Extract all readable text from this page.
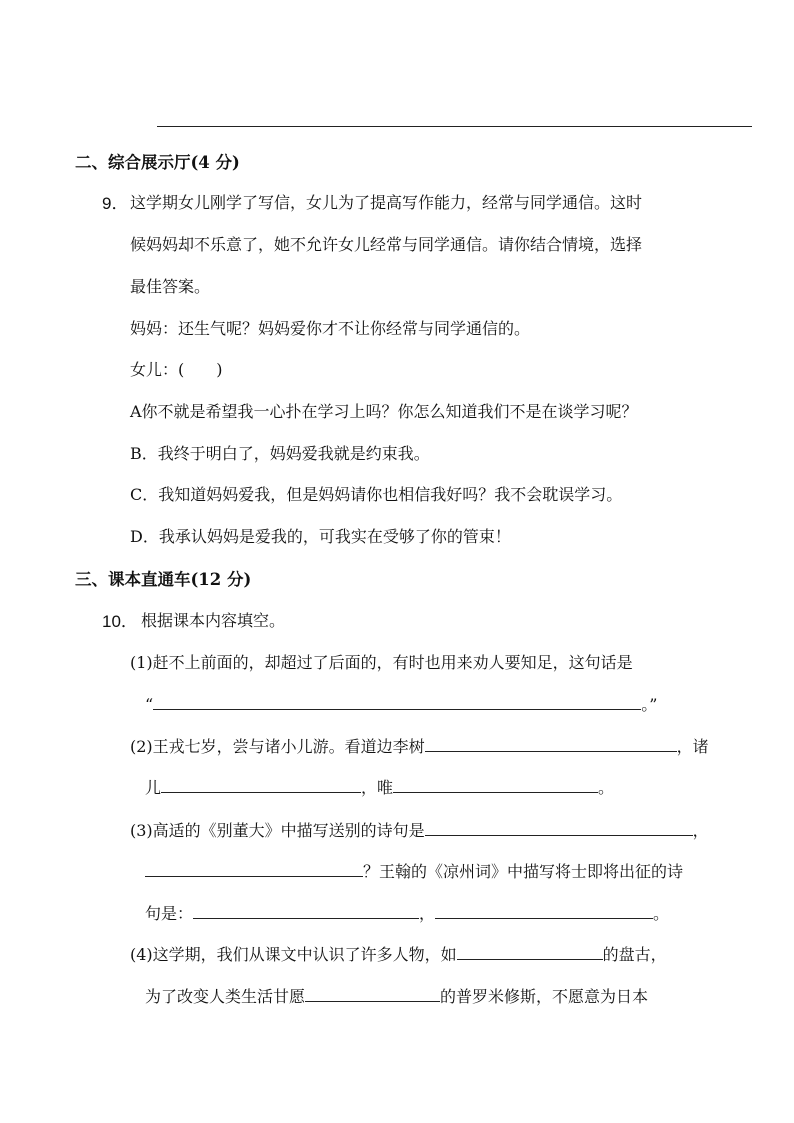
二、综合展示厅(4 分)
9． 这学期女儿刚学了写信，女儿为了提高写作能力，经常与同学通信。这时
候妈妈却不乐意了，她不允许女儿经常与同学通信。请你结合情境，选择
最佳答案。
妈妈：还生气呢？妈妈爱你才不让你经常与同学通信的。
女儿：(　　)
A你不就是希望我一心扑在学习上吗？你怎么知道我们不是在谈学习呢？
B．我终于明白了，妈妈爱我就是约束我。
C．我知道妈妈爱我，但是妈妈请你也相信我好吗？我不会耽误学习。
D．我承认妈妈是爱我的，可我实在受够了你的管束！
三、课本直通车(12 分)
10． 根据课本内容填空。
(1)赶不上前面的，却超过了后面的，有时也用来劝人要知足，这句话是
“	。”
(2)王戎七岁，尝与诸小儿游。看道边李树	，诸
儿	，唯	。
(3)高适的《别董大》中描写送别的诗句是	，
？王翰的《凉州词》中描写将士即将出征的诗
句是：	，	。
(4)这学期，我们从课文中认识了许多人物，如	的盘古，
为了改变人类生活甘愿	的普罗米修斯，不愿意为日本
